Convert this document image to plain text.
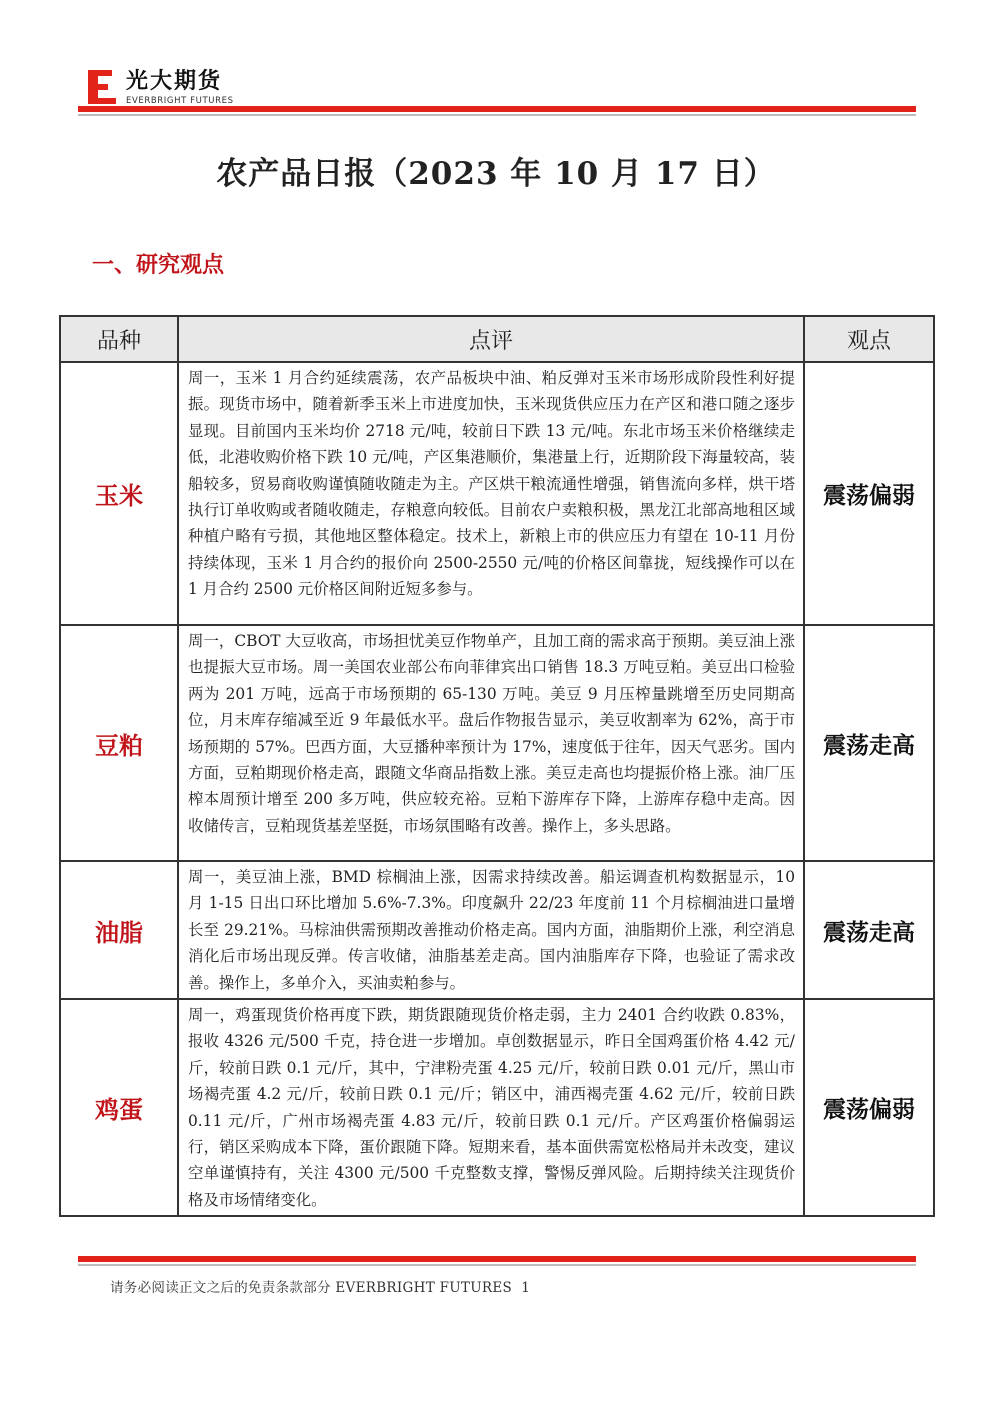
光大期货
EVERBRIGHT FUTURES
农产品日报（2023 年 10 月 17 日）
一、研究观点
品种	点评	观点
玉米	周一，玉米 1 月合约延续震荡，农产品板块中油、粕反弹对玉米市场形成阶段性利好提振。现货市场中，随着新季玉米上市进度加快，玉米现货供应压力在产区和港口随之逐步显现。目前国内玉米均价 2718 元/吨，较前日下跌 13 元/吨。东北市场玉米价格继续走低，北港收购价格下跌 10 元/吨，产区集港顺价，集港量上行，近期阶段下海量较高，装船较多，贸易商收购谨慎随收随走为主。产区烘干粮流通性增强，销售流向多样，烘干塔执行订单收购或者随收随走，存粮意向较低。目前农户卖粮积极，黑龙江北部高地租区域种植户略有亏损，其他地区整体稳定。技术上，新粮上市的供应压力有望在 10-11 月份持续体现，玉米 1 月合约的报价向 2500-2550 元/吨的价格区间靠拢，短线操作可以在 1 月合约 2500 元价格区间附近短多参与。	震荡偏弱
豆粕	周一，CBOT 大豆收高，市场担忧美豆作物单产，且加工商的需求高于预期。美豆油上涨也提振大豆市场。周一美国农业部公布向菲律宾出口销售 18.3 万吨豆粕。美豆出口检验两为 201 万吨，远高于市场预期的 65-130 万吨。美豆 9 月压榨量跳增至历史同期高位，月末库存缩减至近 9 年最低水平。盘后作物报告显示，美豆收割率为 62%，高于市场预期的 57%。巴西方面，大豆播种率预计为 17%，速度低于往年，因天气恶劣。国内方面，豆粕期现价格走高，跟随文华商品指数上涨。美豆走高也均提振价格上涨。油厂压榨本周预计增至 200 多万吨，供应较充裕。豆粕下游库存下降，上游库存稳中走高。因收储传言，豆粕现货基差坚挺，市场氛围略有改善。操作上，多头思路。	震荡走高
油脂	周一，美豆油上涨，BMD 棕榈油上涨，因需求持续改善。船运调查机构数据显示，10 月 1-15 日出口环比增加 5.6%-7.3%。印度飙升 22/23 年度前 11 个月棕榈油进口量增长至 29.21%。马棕油供需预期改善推动价格走高。国内方面，油脂期价上涨，利空消息消化后市场出现反弹。传言收储，油脂基差走高。国内油脂库存下降，也验证了需求改善。操作上，多单介入，买油卖粕参与。	震荡走高
鸡蛋	周一，鸡蛋现货价格再度下跌，期货跟随现货价格走弱，主力 2401 合约收跌 0.83%，报收 4326 元/500 千克，持仓进一步增加。卓创数据显示，昨日全国鸡蛋价格 4.42 元/斤，较前日跌 0.1 元/斤，其中，宁津粉壳蛋 4.25 元/斤，较前日跌 0.01 元/斤，黑山市场褐壳蛋 4.2 元/斤，较前日跌 0.1 元/斤；销区中，浦西褐壳蛋 4.62 元/斤，较前日跌 0.11 元/斤，广州市场褐壳蛋 4.83 元/斤，较前日跌 0.1 元/斤。产区鸡蛋价格偏弱运行，销区采购成本下降，蛋价跟随下降。短期来看，基本面供需宽松格局并未改变，建议空单谨慎持有，关注 4300 元/500 千克整数支撑，警惕反弹风险。后期持续关注现货价格及市场情绪变化。	震荡偏弱
请务必阅读正文之后的免责条款部分 EVERBRIGHT FUTURES 1
